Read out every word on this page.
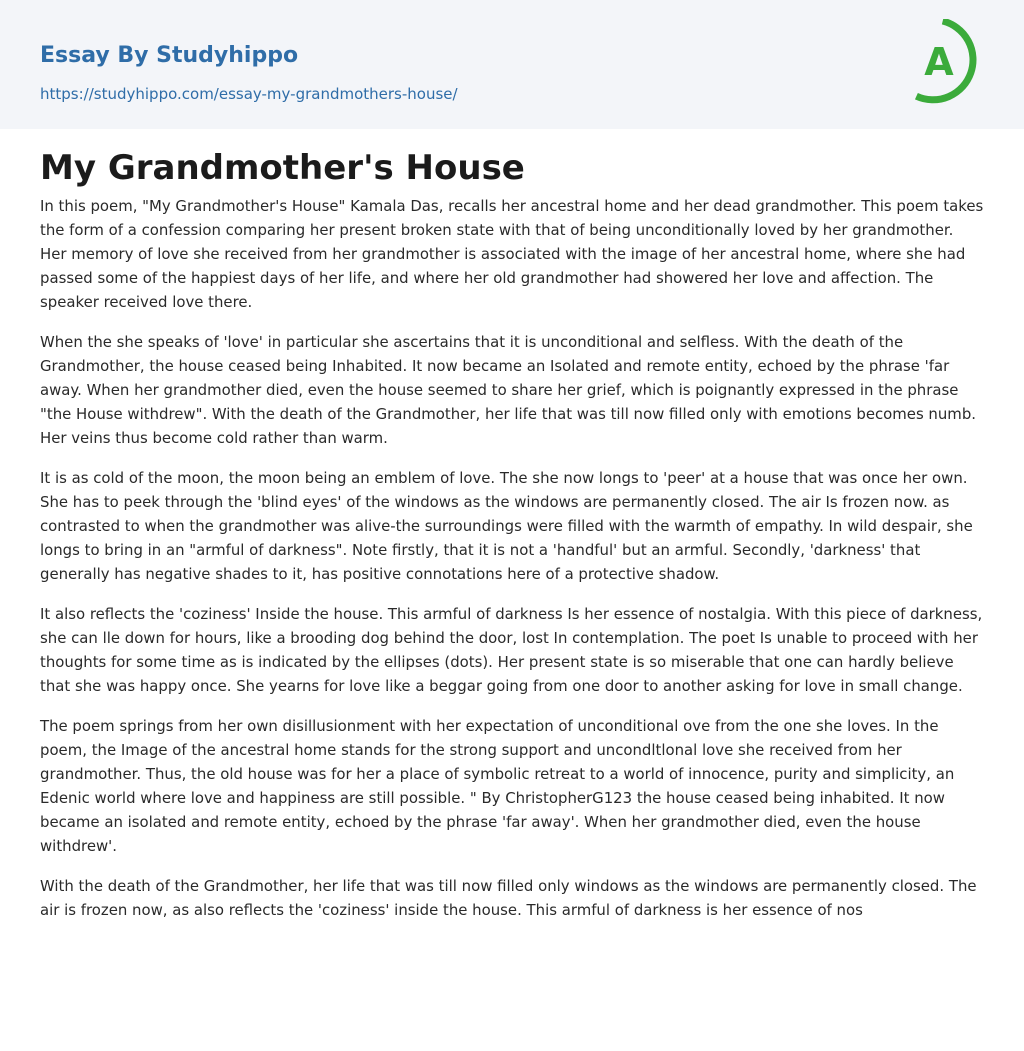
Essay By Studyhippo
https://studyhippo.com/essay-my-grandmothers-house/
A
My Grandmother's House

In this poem, "My Grandmother's House" Kamala Das, recalls her ancestral home and her dead grandmother. This poem takes the form of a confession comparing her present broken state with that of being unconditionally loved by her grandmother. Her memory of love she received from her grandmother is associated with the image of her ancestral home, where she had passed some of the happiest days of her life, and where her old grandmother had showered her love and affection. The speaker received love there.

When the she speaks of 'love' in particular she ascertains that it is unconditional and selfless. With the death of the Grandmother, the house ceased being Inhabited. It now became an Isolated and remote entity, echoed by the phrase 'far away. When her grandmother died, even the house seemed to share her grief, which is poignantly expressed in the phrase "the House withdrew". With the death of the Grandmother, her life that was till now filled only with emotions becomes numb. Her veins thus become cold rather than warm.

It is as cold of the moon, the moon being an emblem of love. The she now longs to 'peer' at a house that was once her own. She has to peek through the 'blind eyes' of the windows as the windows are permanently closed. The air Is frozen now. as contrasted to when the grandmother was alive-the surroundings were filled with the warmth of empathy. In wild despair, she longs to bring in an "armful of darkness". Note firstly, that it is not a 'handful' but an armful. Secondly, 'darkness' that generally has negative shades to it, has positive connotations here of a protective shadow.

It also reflects the 'coziness' Inside the house. This armful of darkness Is her essence of nostalgia. With this piece of darkness, she can lle down for hours, like a brooding dog behind the door, lost In contemplation. The poet Is unable to proceed with her thoughts for some time as is indicated by the ellipses (dots). Her present state is so miserable that one can hardly believe that she was happy once. She yearns for love like a beggar going from one door to another asking for love in small change.

The poem springs from her own disillusionment with her expectation of unconditional ove from the one she loves. In the poem, the Image of the ancestral home stands for the strong support and uncondltlonal love she received from her grandmother. Thus, the old house was for her a place of symbolic retreat to a world of innocence, purity and simplicity, an Edenic world where love and happiness are still possible. " By ChristopherG123 the house ceased being inhabited. It now became an isolated and remote entity, echoed by the phrase 'far away'. When her grandmother died, even the house withdrew'.

With the death of the Grandmother, her life that was till now filled only windows as the windows are permanently closed. The air is frozen now, as also reflects the 'coziness' inside the house. This armful of darkness is her essence of nos
